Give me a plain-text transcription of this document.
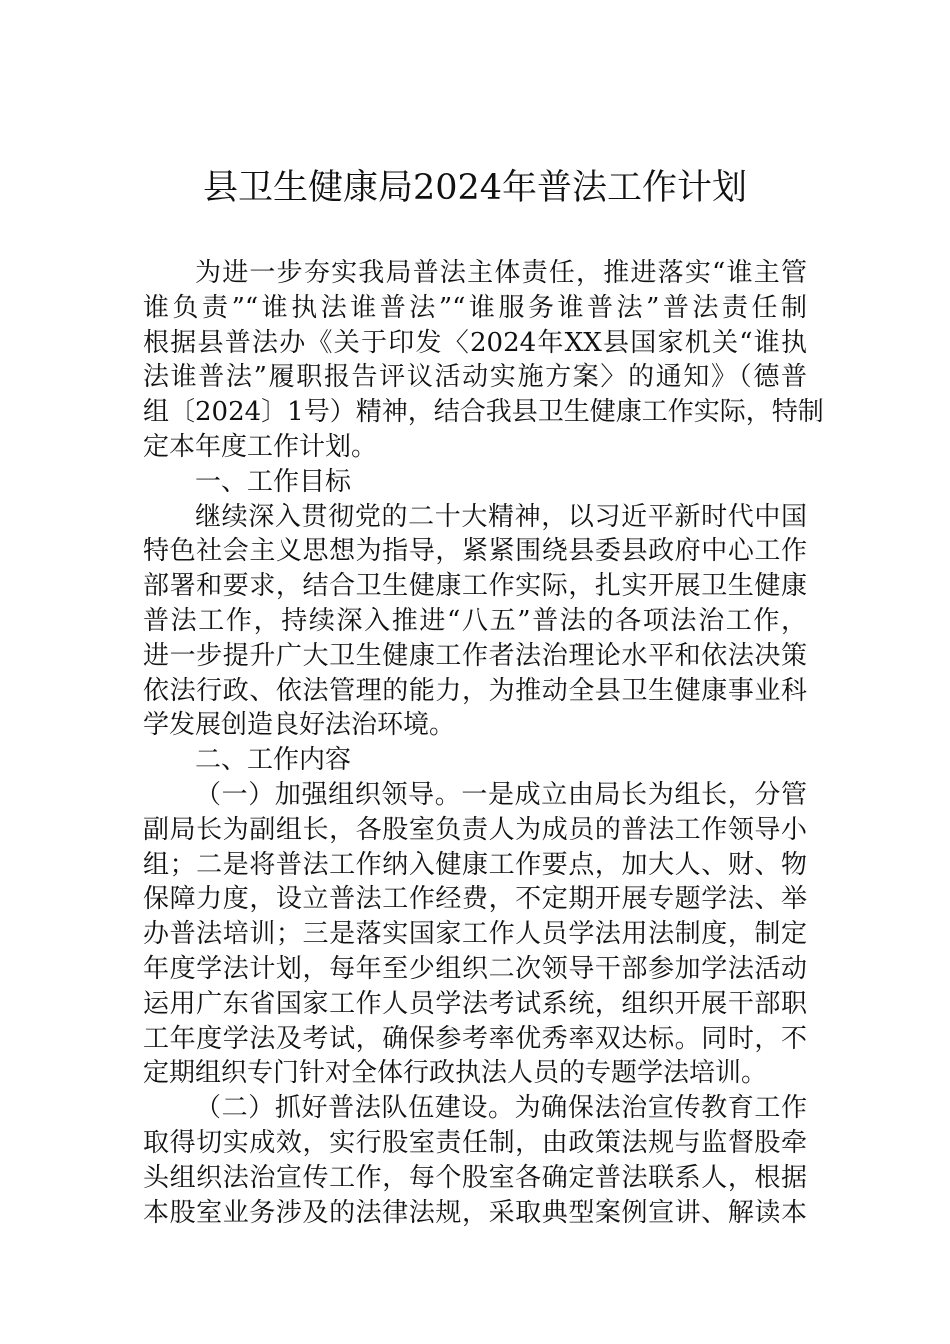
县卫生健康局2024年普法工作计划
为进一步夯实我局普法主体责任，推进落实“谁主管
谁负责”“谁执法谁普法”“谁服务谁普法”普法责任制
根据县普法办《关于印发〈2024年XX县国家机关“谁执
法谁普法”履职报告评议活动实施方案〉的通知》（德普
组〔2024〕1号）精神，结合我县卫生健康工作实际，特制
定本年度工作计划。
一、工作目标
继续深入贯彻党的二十大精神，以习近平新时代中国
特色社会主义思想为指导，紧紧围绕县委县政府中心工作
部署和要求，结合卫生健康工作实际，扎实开展卫生健康
普法工作，持续深入推进“八五”普法的各项法治工作，
进一步提升广大卫生健康工作者法治理论水平和依法决策
依法行政、依法管理的能力，为推动全县卫生健康事业科
学发展创造良好法治环境。
二、工作内容
（一）加强组织领导。一是成立由局长为组长，分管
副局长为副组长，各股室负责人为成员的普法工作领导小
组；二是将普法工作纳入健康工作要点，加大人、财、物
保障力度，设立普法工作经费，不定期开展专题学法、举
办普法培训；三是落实国家工作人员学法用法制度，制定
年度学法计划，每年至少组织二次领导干部参加学法活动
运用广东省国家工作人员学法考试系统，组织开展干部职
工年度学法及考试，确保参考率优秀率双达标。同时，不
定期组织专门针对全体行政执法人员的专题学法培训。
（二）抓好普法队伍建设。为确保法治宣传教育工作
取得切实成效，实行股室责任制，由政策法规与监督股牵
头组织法治宣传工作，每个股室各确定普法联系人，根据
本股室业务涉及的法律法规，采取典型案例宣讲、解读本
